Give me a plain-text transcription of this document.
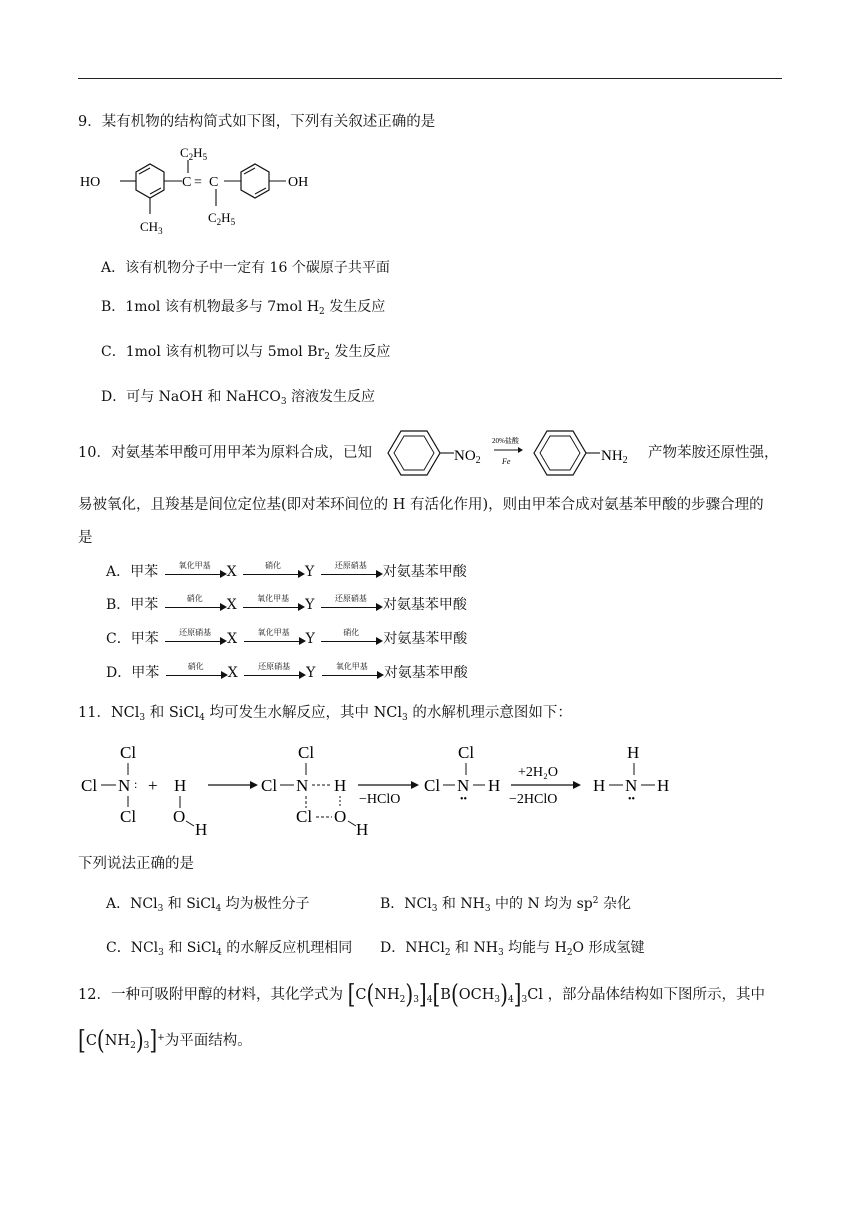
9．某有机物的结构简式如下图，下列有关叙述正确的是
HO	OH
C = C
$C_2H_5$
$C_2H_5$
$CH_3$
A．该有机物分子中一定有 16 个碳原子共平面
B．1mol 该有机物最多与 7mol $H_2$ 发生反应
C．1mol 该有机物可以与 5mol $Br_2$ 发生反应
D．可与 NaOH 和 NaHCO$_3$ 溶液发生反应
10．对氨基苯甲酸可用甲苯为原料合成，已知	$NO_2$
20%盐酸
Fe	$NH_2$ 产物苯胺还原性强，
易被氧化，且羧基是间位定位基(即对苯环间位的 H 有活化作用)，则由甲苯合成对氨基苯甲酸的步骤合理的
是
A．甲苯	氧化甲基	X	硝化	Y	还原硝基	对氨基苯甲酸
B．甲苯	硝化	X	氧化甲基	Y	还原硝基	对氨基苯甲酸
C．甲苯	还原硝基	X	氧化甲基	Y	硝化	对氨基苯甲酸
D．甲苯	硝化	X	还原硝基	Y	氧化甲基	对氨基苯甲酸
11．NCl$_3$ 和 SiCl$_4$ 均可发生水解反应，其中 NCl$_3$ 的水解机理示意图如下：
Cl
Cl N :
Cl
+ H
O
H
Cl
Cl N H
Cl O
H
−HClO
Cl
Cl N
••
H
+2H₂O
−2HClO
H
H N
••
H
下列说法正确的是
A．NCl$_3$ 和 SiCl$_4$ 均为极性分子	B．NCl$_3$ 和 $NH_3$ 中的 N 均为 $sp^2$ 杂化
C．NCl$_3$ 和 SiCl$_4$ 的水解反应机理相同 D．NHCl$_2$ 和 $NH_3$ 均能与 $H_2O$ 形成氢键
12．一种可吸附甲醇的材料，其化学式为 $[C(NH_2)_3]_4[B(OCH_3)_4]_3Cl$ ，部分晶体结构如下图所示，其中
$[C(NH_2)_3]^+$为平面结构。
